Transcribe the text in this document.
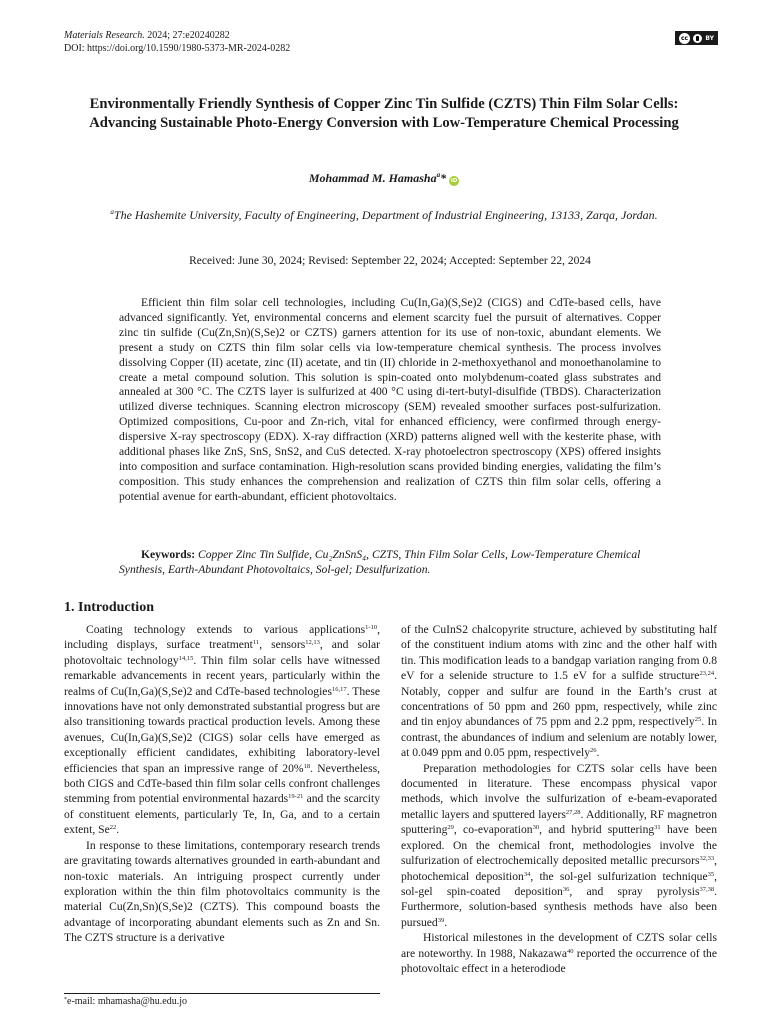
Materials Research. 2024; 27:e20240282
DOI: https://doi.org/10.1590/1980-5373-MR-2024-0282
cc	BY
Environmentally Friendly Synthesis of Copper Zinc Tin Sulfide (CZTS) Thin Film Solar Cells: Advancing Sustainable Photo-Energy Conversion with Low-Temperature Chemical Processing
Mohammad M. Hamasha$^a$* iD
$^a$The Hashemite University, Faculty of Engineering, Department of Industrial Engineering, 13133, Zarqa, Jordan.
Received: June 30, 2024; Revised: September 22, 2024; Accepted: September 22, 2024

Efficient thin film solar cell technologies, including Cu(In,Ga)(S,Se)2 (CIGS) and CdTe-based cells, have advanced significantly. Yet, environmental concerns and element scarcity fuel the pursuit of alternatives. Copper zinc tin sulfide (Cu(Zn,Sn)(S,Se)2 or CZTS) garners attention for its use of non-toxic, abundant elements. We present a study on CZTS thin film solar cells via low-temperature chemical synthesis. The process involves dissolving Copper (II) acetate, zinc (II) acetate, and tin (II) chloride in 2-methoxyethanol and monoethanolamine to create a metal compound solution. This solution is spin-coated onto molybdenum-coated glass substrates and annealed at 300 °C. The CZTS layer is sulfurized at 400 °C using di-tert-butyl-disulfide (TBDS). Characterization utilized diverse techniques. Scanning electron microscopy (SEM) revealed smoother surfaces post-sulfurization. Optimized compositions, Cu-poor and Zn-rich, vital for enhanced efficiency, were confirmed through energy-dispersive X-ray spectroscopy (EDX). X-ray diffraction (XRD) patterns aligned well with the kesterite phase, with additional phases like ZnS, SnS, SnS2, and CuS detected. X-ray photoelectron spectroscopy (XPS) offered insights into composition and surface contamination. High-resolution scans provided binding energies, validating the film’s composition. This study enhances the comprehension and realization of CZTS thin film solar cells, offering a potential avenue for earth-abundant, efficient photovoltaics.

Keywords: Copper Zinc Tin Sulfide, Cu₂ZnSnS₄, CZTS, Thin Film Solar Cells, Low-Temperature Chemical Synthesis, Earth-Abundant Photovoltaics, Sol-gel; Desulfurization.

1. Introduction

Coating technology extends to various applications$^{1-10}$, including displays, surface treatment$^{11}$, sensors$^{12,13}$, and solar photovoltaic technology$^{14,15}$. Thin film solar cells have witnessed remarkable advancements in recent years, particularly within the realms of Cu(In,Ga)(S,Se)2 and CdTe-based technologies$^{16,17}$. These innovations have not only demonstrated substantial progress but are also transitioning towards practical production levels. Among these avenues, Cu(In,Ga)(S,Se)2 (CIGS) solar cells have emerged as exceptionally efficient candidates, exhibiting laboratory-level efficiencies that span an impressive range of 20%$^{18}$. Nevertheless, both CIGS and CdTe-based thin film solar cells confront challenges stemming from potential environmental hazards$^{19-21}$ and the scarcity of constituent elements, particularly Te, In, Ga, and to a certain extent, Se$^{22}$.

In response to these limitations, contemporary research trends are gravitating towards alternatives grounded in earth-abundant and non-toxic materials. An intriguing prospect currently under exploration within the thin film photovoltaics community is the material Cu(Zn,Sn)(S,Se)2 (CZTS). This compound boasts the advantage of incorporating abundant elements such as Zn and Sn. The CZTS structure is a derivative

of the CuInS2 chalcopyrite structure, achieved by substituting half of the constituent indium atoms with zinc and the other half with tin. This modification leads to a bandgap variation ranging from 0.8 eV for a selenide structure to 1.5 eV for a sulfide structure$^{23,24}$. Notably, copper and sulfur are found in the Earth’s crust at concentrations of 50 ppm and 260 ppm, respectively, while zinc and tin enjoy abundances of 75 ppm and 2.2 ppm, respectively$^{25}$. In contrast, the abundances of indium and selenium are notably lower, at 0.049 ppm and 0.05 ppm, respectively$^{26}$.

Preparation methodologies for CZTS solar cells have been documented in literature. These encompass physical vapor methods, which involve the sulfurization of e-beam-evaporated metallic layers and sputtered layers$^{27,28}$. Additionally, RF magnetron sputtering$^{29}$, co-evaporation$^{30}$, and hybrid sputtering$^{31}$ have been explored. On the chemical front, methodologies involve the sulfurization of electrochemically deposited metallic precursors$^{32,33}$, photochemical deposition$^{34}$, the sol-gel sulfurization technique$^{35}$, sol-gel spin-coated deposition$^{36}$, and spray pyrolysis$^{37,38}$. Furthermore, solution-based synthesis methods have also been pursued$^{39}$.

Historical milestones in the development of CZTS solar cells are noteworthy. In 1988, Nakazawa$^{40}$ reported the occurrence of the photovoltaic effect in a heterodiode

*e-mail: mhamasha@hu.edu.jo
